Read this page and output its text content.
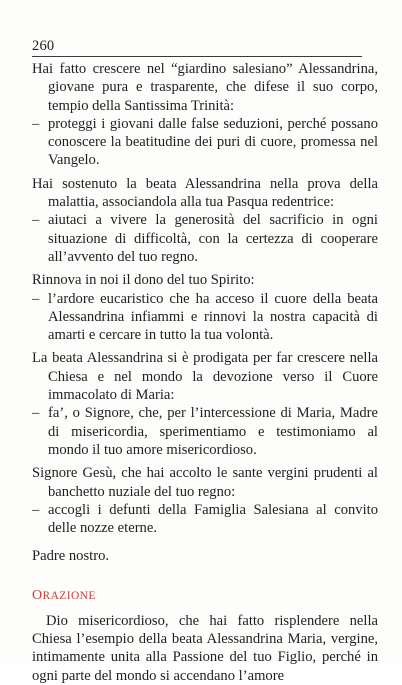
260

Hai fatto crescere nel “giardino salesiano” Alessandrina, giovane pura e trasparente, che difese il suo corpo, tempio della Santissima Trinità:

– proteggi i giovani dalle false seduzioni, perché possano conoscere la beatitudine dei puri di cuore, promessa nel Vangelo.

Hai sostenuto la beata Alessandrina nella prova della malattia, associandola alla tua Pasqua redentrice:

– aiutaci a vivere la generosità del sacrificio in ogni situazione di difficoltà, con la certezza di cooperare all’avvento del tuo regno.

Rinnova in noi il dono del tuo Spirito:

– l’ardore eucaristico che ha acceso il cuore della beata Alessandrina infiammi e rinnovi la nostra capacità di amarti e cercare in tutto la tua volontà.

La beata Alessandrina si è prodigata per far crescere nella Chiesa e nel mondo la devozione verso il Cuore immacolato di Maria:

– fa’, o Signore, che, per l’intercessione di Maria, Madre di misericordia, sperimentiamo e testimoniamo al mondo il tuo amore misericordioso.

Signore Gesù, che hai accolto le sante vergini prudenti al banchetto nuziale del tuo regno:

– accogli i defunti della Famiglia Salesiana al convito delle nozze eterne.

Padre nostro.

ORAZIONE

Dio misericordioso, che hai fatto risplendere nella Chiesa l’esempio della beata Alessandrina Maria, vergine, intimamente unita alla Passione del tuo Figlio, perché in ogni parte del mondo si accendano l’amore
